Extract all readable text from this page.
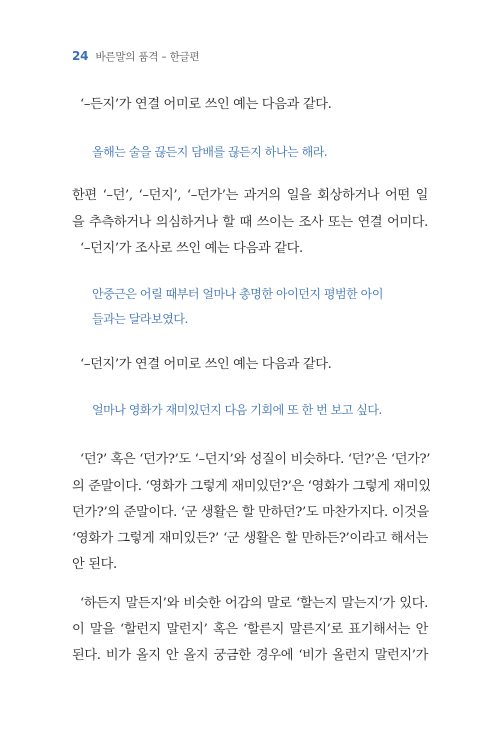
24 바른말의 품격 – 한글편
‘–든지’가 연결 어미로 쓰인 예는 다음과 같다.
올해는 술을 끊든지 담배를 끊든지 하나는 해라.
한편 ‘–던’, ‘–던지’, ‘–던가’는 과거의 일을 회상하거나 어떤 일
을 추측하거나 의심하거나 할 때 쓰이는 조사 또는 연결 어미다.
‘–던지’가 조사로 쓰인 예는 다음과 같다.
안중근은 어릴 때부터 얼마나 총명한 아이던지 평범한 아이
들과는 달라보였다.
‘–던지’가 연결 어미로 쓰인 예는 다음과 같다.
얼마나 영화가 재미있던지 다음 기회에 또 한 번 보고 싶다.
‘던?’ 혹은 ‘던가?’도 ‘–던지’와 성질이 비슷하다. ‘던?’은 ‘던가?’
의 준말이다. ‘영화가 그렇게 재미있던?’은 ‘영화가 그렇게 재미있
던가?’의 준말이다. ‘군 생활은 할 만하던?’도 마찬가지다. 이것을
‘영화가 그렇게 재미있든?’ ‘군 생활은 할 만하든?’이라고 해서는
안 된다.
‘하든지 말든지’와 비슷한 어감의 말로 ‘할는지 말는지’가 있다.
이 말을 ‘할런지 말런지’ 혹은 ‘할른지 말른지’로 표기해서는 안
된다. 비가 올지 안 올지 궁금한 경우에 ‘비가 올런지 말런지’가
